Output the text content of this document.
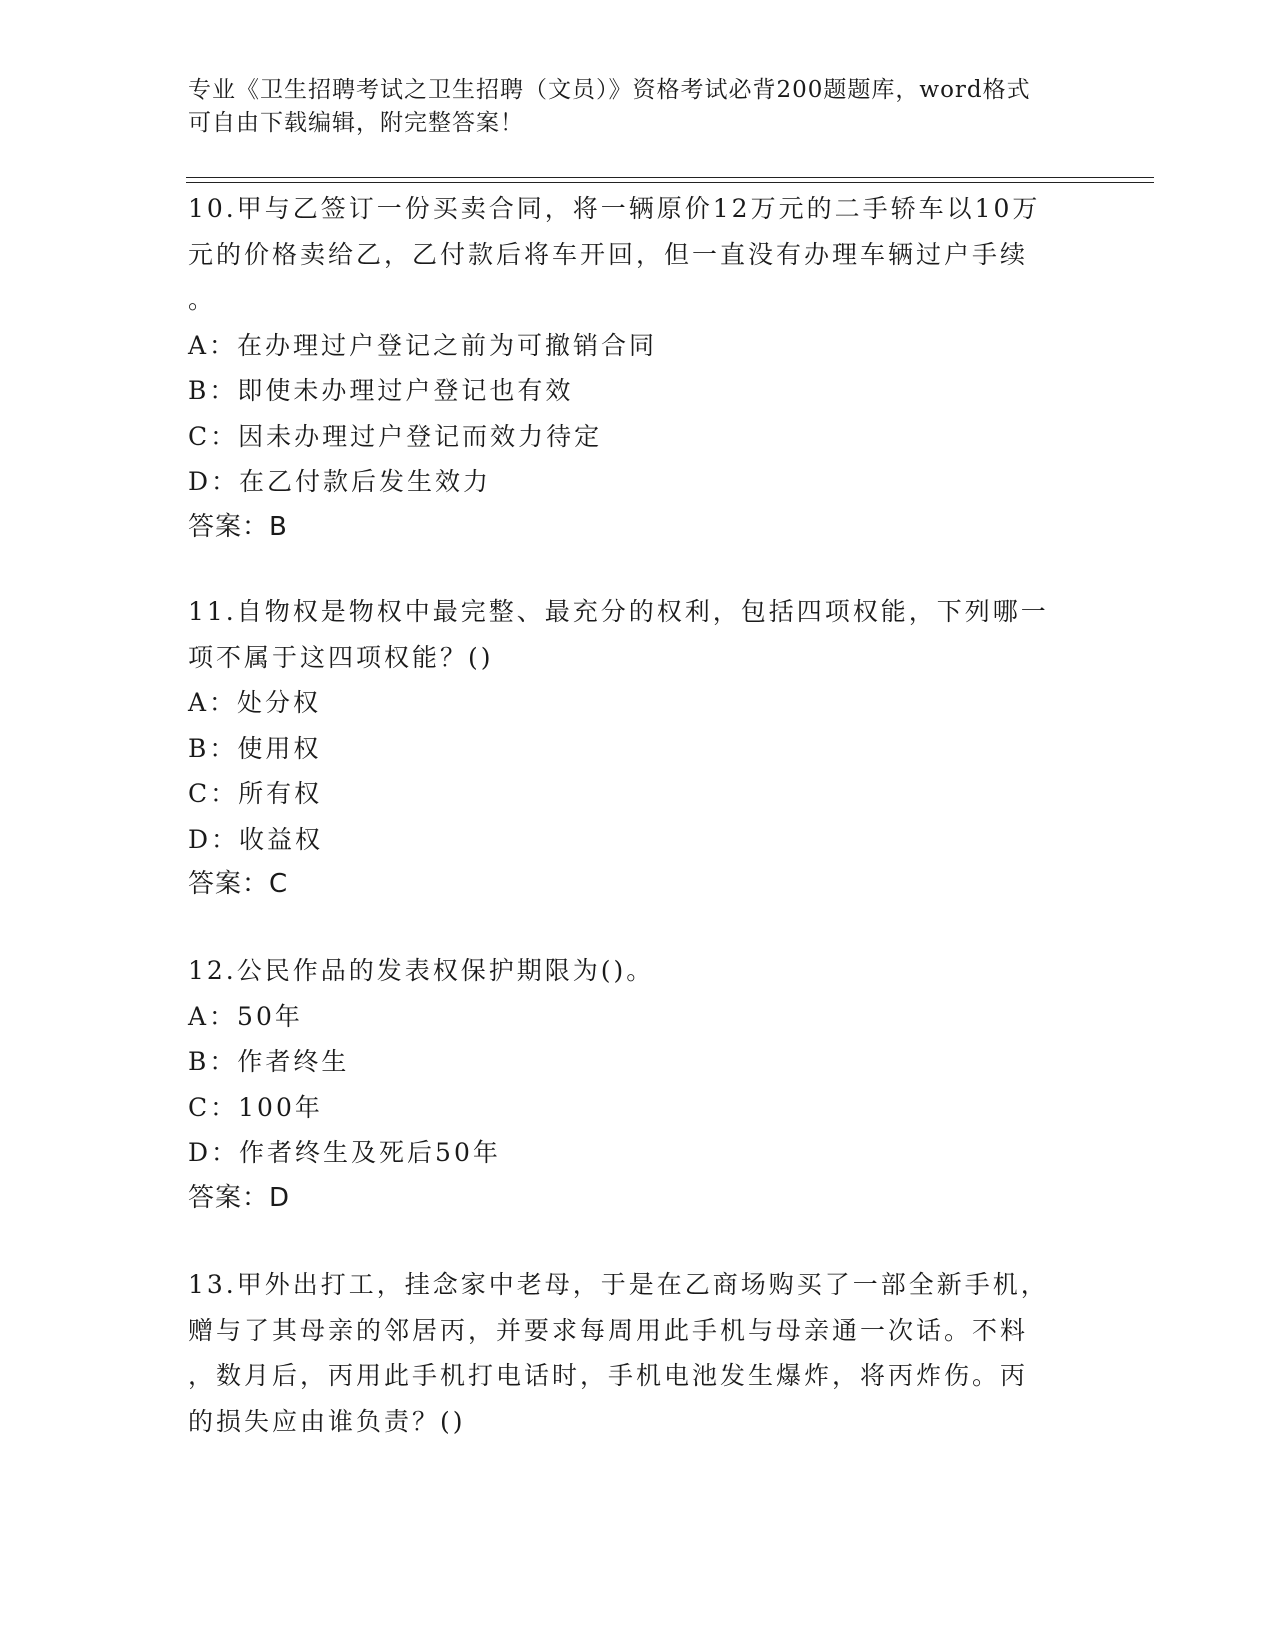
专业《卫生招聘考试之卫生招聘（文员）》资格考试必背200题题库，word格式
可自由下载编辑，附完整答案！
10.甲与乙签订一份买卖合同，将一辆原价12万元的二手轿车以10万
元的价格卖给乙，乙付款后将车开回，但一直没有办理车辆过户手续
。
A：在办理过户登记之前为可撤销合同
B：即使未办理过户登记也有效
C：因未办理过户登记而效力待定
D：在乙付款后发生效力
答案：B
11.自物权是物权中最完整、最充分的权利，包括四项权能，下列哪一
项不属于这四项权能？()
A：处分权
B：使用权
C：所有权
D：收益权
答案：C
12.公民作品的发表权保护期限为()。
A：50年
B：作者终生
C：100年
D：作者终生及死后50年
答案：D
13.甲外出打工，挂念家中老母，于是在乙商场购买了一部全新手机，
赠与了其母亲的邻居丙，并要求每周用此手机与母亲通一次话。不料
，数月后，丙用此手机打电话时，手机电池发生爆炸，将丙炸伤。丙
的损失应由谁负责？()
